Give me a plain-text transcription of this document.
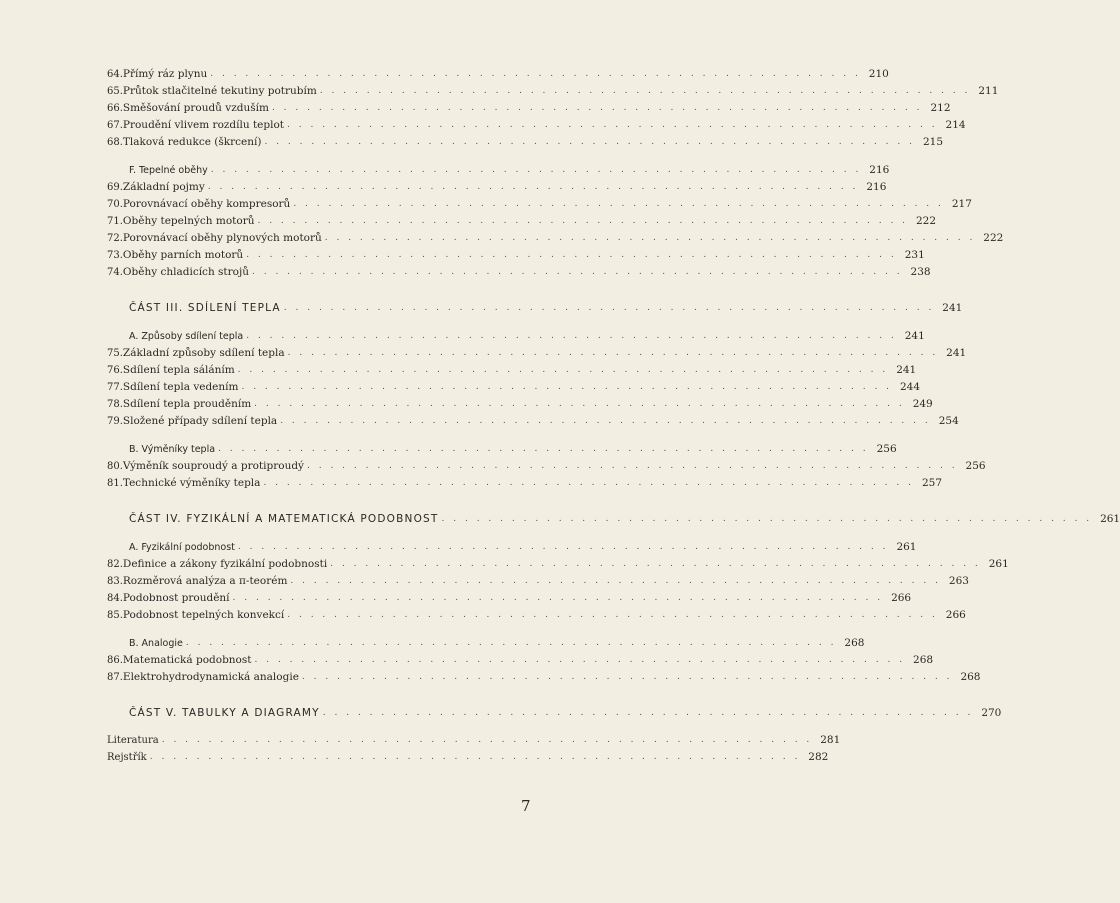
64. Přímý ráz plynu . . . . . . . . . . . . . . . . . . . . . . . . . . . . . . . . . . . . . . . . . . . . . . . . . . . . . . . . 210
65. Průtok stlačitelné tekutiny potrubím . . . . . . . . . . . . . . . . . . . . . . . . . . . . . . . . . . . . . . . . . . . . . . . . . . . . . . . . 211
66. Směšování proudů vzduším . . . . . . . . . . . . . . . . . . . . . . . . . . . . . . . . . . . . . . . . . . . . . . . . . . . . . . . . 212
67. Proudění vlivem rozdílu teplot . . . . . . . . . . . . . . . . . . . . . . . . . . . . . . . . . . . . . . . . . . . . . . . . . . . . . . . . 214
68. Tlaková redukce (škrcení) . . . . . . . . . . . . . . . . . . . . . . . . . . . . . . . . . . . . . . . . . . . . . . . . . . . . . . . . 215
F. Tepelné oběhy . . . . . . . . . . . . . . . . . . . . . . . . . . . . . . . . . . . . . . . . . . . . . . . . . . . . . . . . 216
69. Základní pojmy . . . . . . . . . . . . . . . . . . . . . . . . . . . . . . . . . . . . . . . . . . . . . . . . . . . . . . . . 216
70. Porovnávací oběhy kompresorů . . . . . . . . . . . . . . . . . . . . . . . . . . . . . . . . . . . . . . . . . . . . . . . . . . . . . . . . 217
71. Oběhy tepelných motorů . . . . . . . . . . . . . . . . . . . . . . . . . . . . . . . . . . . . . . . . . . . . . . . . . . . . . . . . 222
72. Porovnávací oběhy plynových motorů . . . . . . . . . . . . . . . . . . . . . . . . . . . . . . . . . . . . . . . . . . . . . . . . . . . . . . . . 222
73. Oběhy parních motorů . . . . . . . . . . . . . . . . . . . . . . . . . . . . . . . . . . . . . . . . . . . . . . . . . . . . . . . . 231
74. Oběhy chladicích strojů . . . . . . . . . . . . . . . . . . . . . . . . . . . . . . . . . . . . . . . . . . . . . . . . . . . . . . . . 238
ČÁST III. SDÍLENÍ TEPLA . . . . . . . . . . . . . . . . . . . . . . . . . . . . . . . . . . . . . . . . . . . . . . . . . . . . . . . . 241
A. Způsoby sdílení tepla . . . . . . . . . . . . . . . . . . . . . . . . . . . . . . . . . . . . . . . . . . . . . . . . . . . . . . . . 241
75. Základní způsoby sdílení tepla . . . . . . . . . . . . . . . . . . . . . . . . . . . . . . . . . . . . . . . . . . . . . . . . . . . . . . . . 241
76. Sdílení tepla sáláním . . . . . . . . . . . . . . . . . . . . . . . . . . . . . . . . . . . . . . . . . . . . . . . . . . . . . . . . 241
77. Sdílení tepla vedením . . . . . . . . . . . . . . . . . . . . . . . . . . . . . . . . . . . . . . . . . . . . . . . . . . . . . . . . 244
78. Sdílení tepla prouděním . . . . . . . . . . . . . . . . . . . . . . . . . . . . . . . . . . . . . . . . . . . . . . . . . . . . . . . . 249
79. Složené případy sdílení tepla . . . . . . . . . . . . . . . . . . . . . . . . . . . . . . . . . . . . . . . . . . . . . . . . . . . . . . . . 254
B. Výměníky tepla . . . . . . . . . . . . . . . . . . . . . . . . . . . . . . . . . . . . . . . . . . . . . . . . . . . . . . . . 256
80. Výměník souproudý a protiproudý . . . . . . . . . . . . . . . . . . . . . . . . . . . . . . . . . . . . . . . . . . . . . . . . . . . . . . . . 256
81. Technické výměníky tepla . . . . . . . . . . . . . . . . . . . . . . . . . . . . . . . . . . . . . . . . . . . . . . . . . . . . . . . . 257
ČÁST IV. FYZIKÁLNÍ A MATEMATICKÁ PODOBNOST . . . . . . . . . . . . . . . . . . . . . . . . . . . . . . . . . . . . . . . . . . . . . . . . . . . . . . . . 261
A. Fyzikální podobnost . . . . . . . . . . . . . . . . . . . . . . . . . . . . . . . . . . . . . . . . . . . . . . . . . . . . . . . . 261
82. Definice a zákony fyzikální podobnosti . . . . . . . . . . . . . . . . . . . . . . . . . . . . . . . . . . . . . . . . . . . . . . . . . . . . . . . . 261
83. Rozměrová analýza a π-teorém . . . . . . . . . . . . . . . . . . . . . . . . . . . . . . . . . . . . . . . . . . . . . . . . . . . . . . . . 263
84. Podobnost proudění . . . . . . . . . . . . . . . . . . . . . . . . . . . . . . . . . . . . . . . . . . . . . . . . . . . . . . . . 266
85. Podobnost tepelných konvekcí . . . . . . . . . . . . . . . . . . . . . . . . . . . . . . . . . . . . . . . . . . . . . . . . . . . . . . . . 266
B. Analogie . . . . . . . . . . . . . . . . . . . . . . . . . . . . . . . . . . . . . . . . . . . . . . . . . . . . . . . . 268
86. Matematická podobnost . . . . . . . . . . . . . . . . . . . . . . . . . . . . . . . . . . . . . . . . . . . . . . . . . . . . . . . . 268
87. Elektrohydrodynamická analogie . . . . . . . . . . . . . . . . . . . . . . . . . . . . . . . . . . . . . . . . . . . . . . . . . . . . . . . . 268
ČÁST V. TABULKY A DIAGRAMY . . . . . . . . . . . . . . . . . . . . . . . . . . . . . . . . . . . . . . . . . . . . . . . . . . . . . . . . 270
Literatura . . . . . . . . . . . . . . . . . . . . . . . . . . . . . . . . . . . . . . . . . . . . . . . . . . . . . . . . 281
Rejstřík . . . . . . . . . . . . . . . . . . . . . . . . . . . . . . . . . . . . . . . . . . . . . . . . . . . . . . . . 282
7
